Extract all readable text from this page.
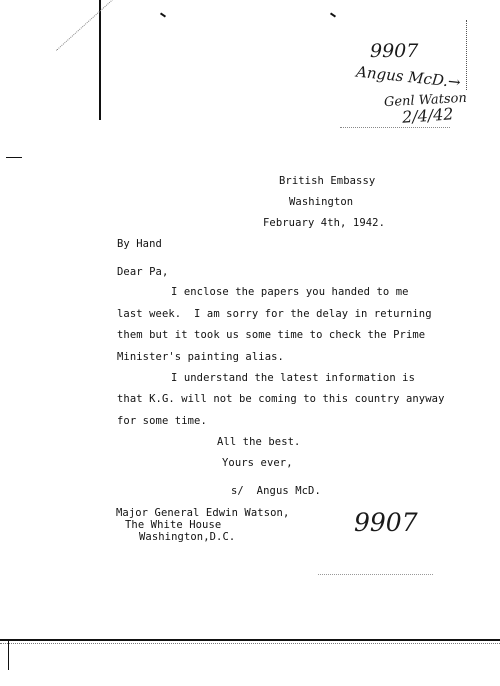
9907
Angus McD.→
Genl Watson
2/4/42
9907
British Embassy
Washington
February 4th, 1942.
By Hand
Dear Pa,
I enclose the papers you handed to me
last week.  I am sorry for the delay in returning
them but it took us some time to check the Prime
Minister's painting alias.
I understand the latest information is
that K.G. will not be coming to this country anyway
for some time.
All the best.
Yours ever,
s/  Angus McD.
Major General Edwin Watson,
The White House
Washington,D.C.
